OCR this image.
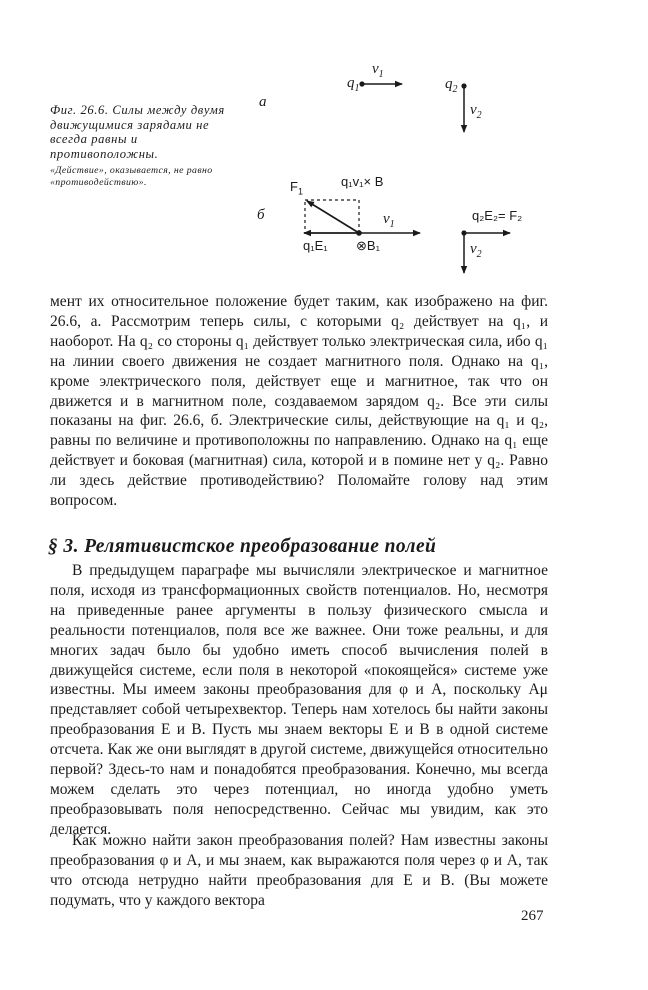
Фиг. 26.6. Силы между двумя движущимися зарядами не всегда равны и противоположны.
«Действие», оказывается, не равно «противодействию».
а
б
$q_1$
$v_1$
$q_2$
$v_2$
$F_1$
q₁v₁× B
$v_1$
q₁E₁ ⊗B₁
q₂E₂= F₂
$v_2$

мент их относительное положение будет таким, как изображено на фиг. 26.6, а. Рассмотрим теперь силы, с которыми q₂ действует на q₁, и наоборот. На q₂ со стороны q₁ действует только электрическая сила, ибо q₁ на линии своего движения не создает магнитного поля. Однако на q₁, кроме электрического поля, действует еще и магнитное, так что он движется и в магнитном поле, создаваемом зарядом q₂. Все эти силы показаны на фиг. 26.6, б. Электрические силы, действующие на q₁ и q₂, равны по величине и противоположны по направлению. Однако на q₁ еще действует и боковая (магнитная) сила, которой и в помине нет у q₂. Равно ли здесь действие противодействию? Поломайте голову над этим вопросом.

§ 3. Релятивистское преобразование полей

В предыдущем параграфе мы вычисляли электрическое и магнитное поля, исходя из трансформационных свойств потенциалов. Но, несмотря на приведенные ранее аргументы в пользу физического смысла и реальности потенциалов, поля все же важнее. Они тоже реальны, и для многих задач было бы удобно иметь способ вычисления полей в движущейся системе, если поля в некоторой «покоящейся» системе уже известны. Мы имеем законы преобразования для φ и A, поскольку Aμ представляет собой четырехвектор. Теперь нам хотелось бы найти законы преобразования E и B. Пусть мы знаем векторы E и B в одной системе отсчета. Как же они выглядят в другой системе, движущейся относительно первой? Здесь-то нам и понадобятся преобразования. Конечно, мы всегда можем сделать это через потенциал, но иногда удобно уметь преобразовывать поля непосредственно. Сейчас мы увидим, как это делается.

Как можно найти закон преобразования полей? Нам известны законы преобразования φ и A, и мы знаем, как выражаются поля через φ и A, так что отсюда нетрудно найти преобразования для E и B. (Вы можете подумать, что у каждого вектора

267
